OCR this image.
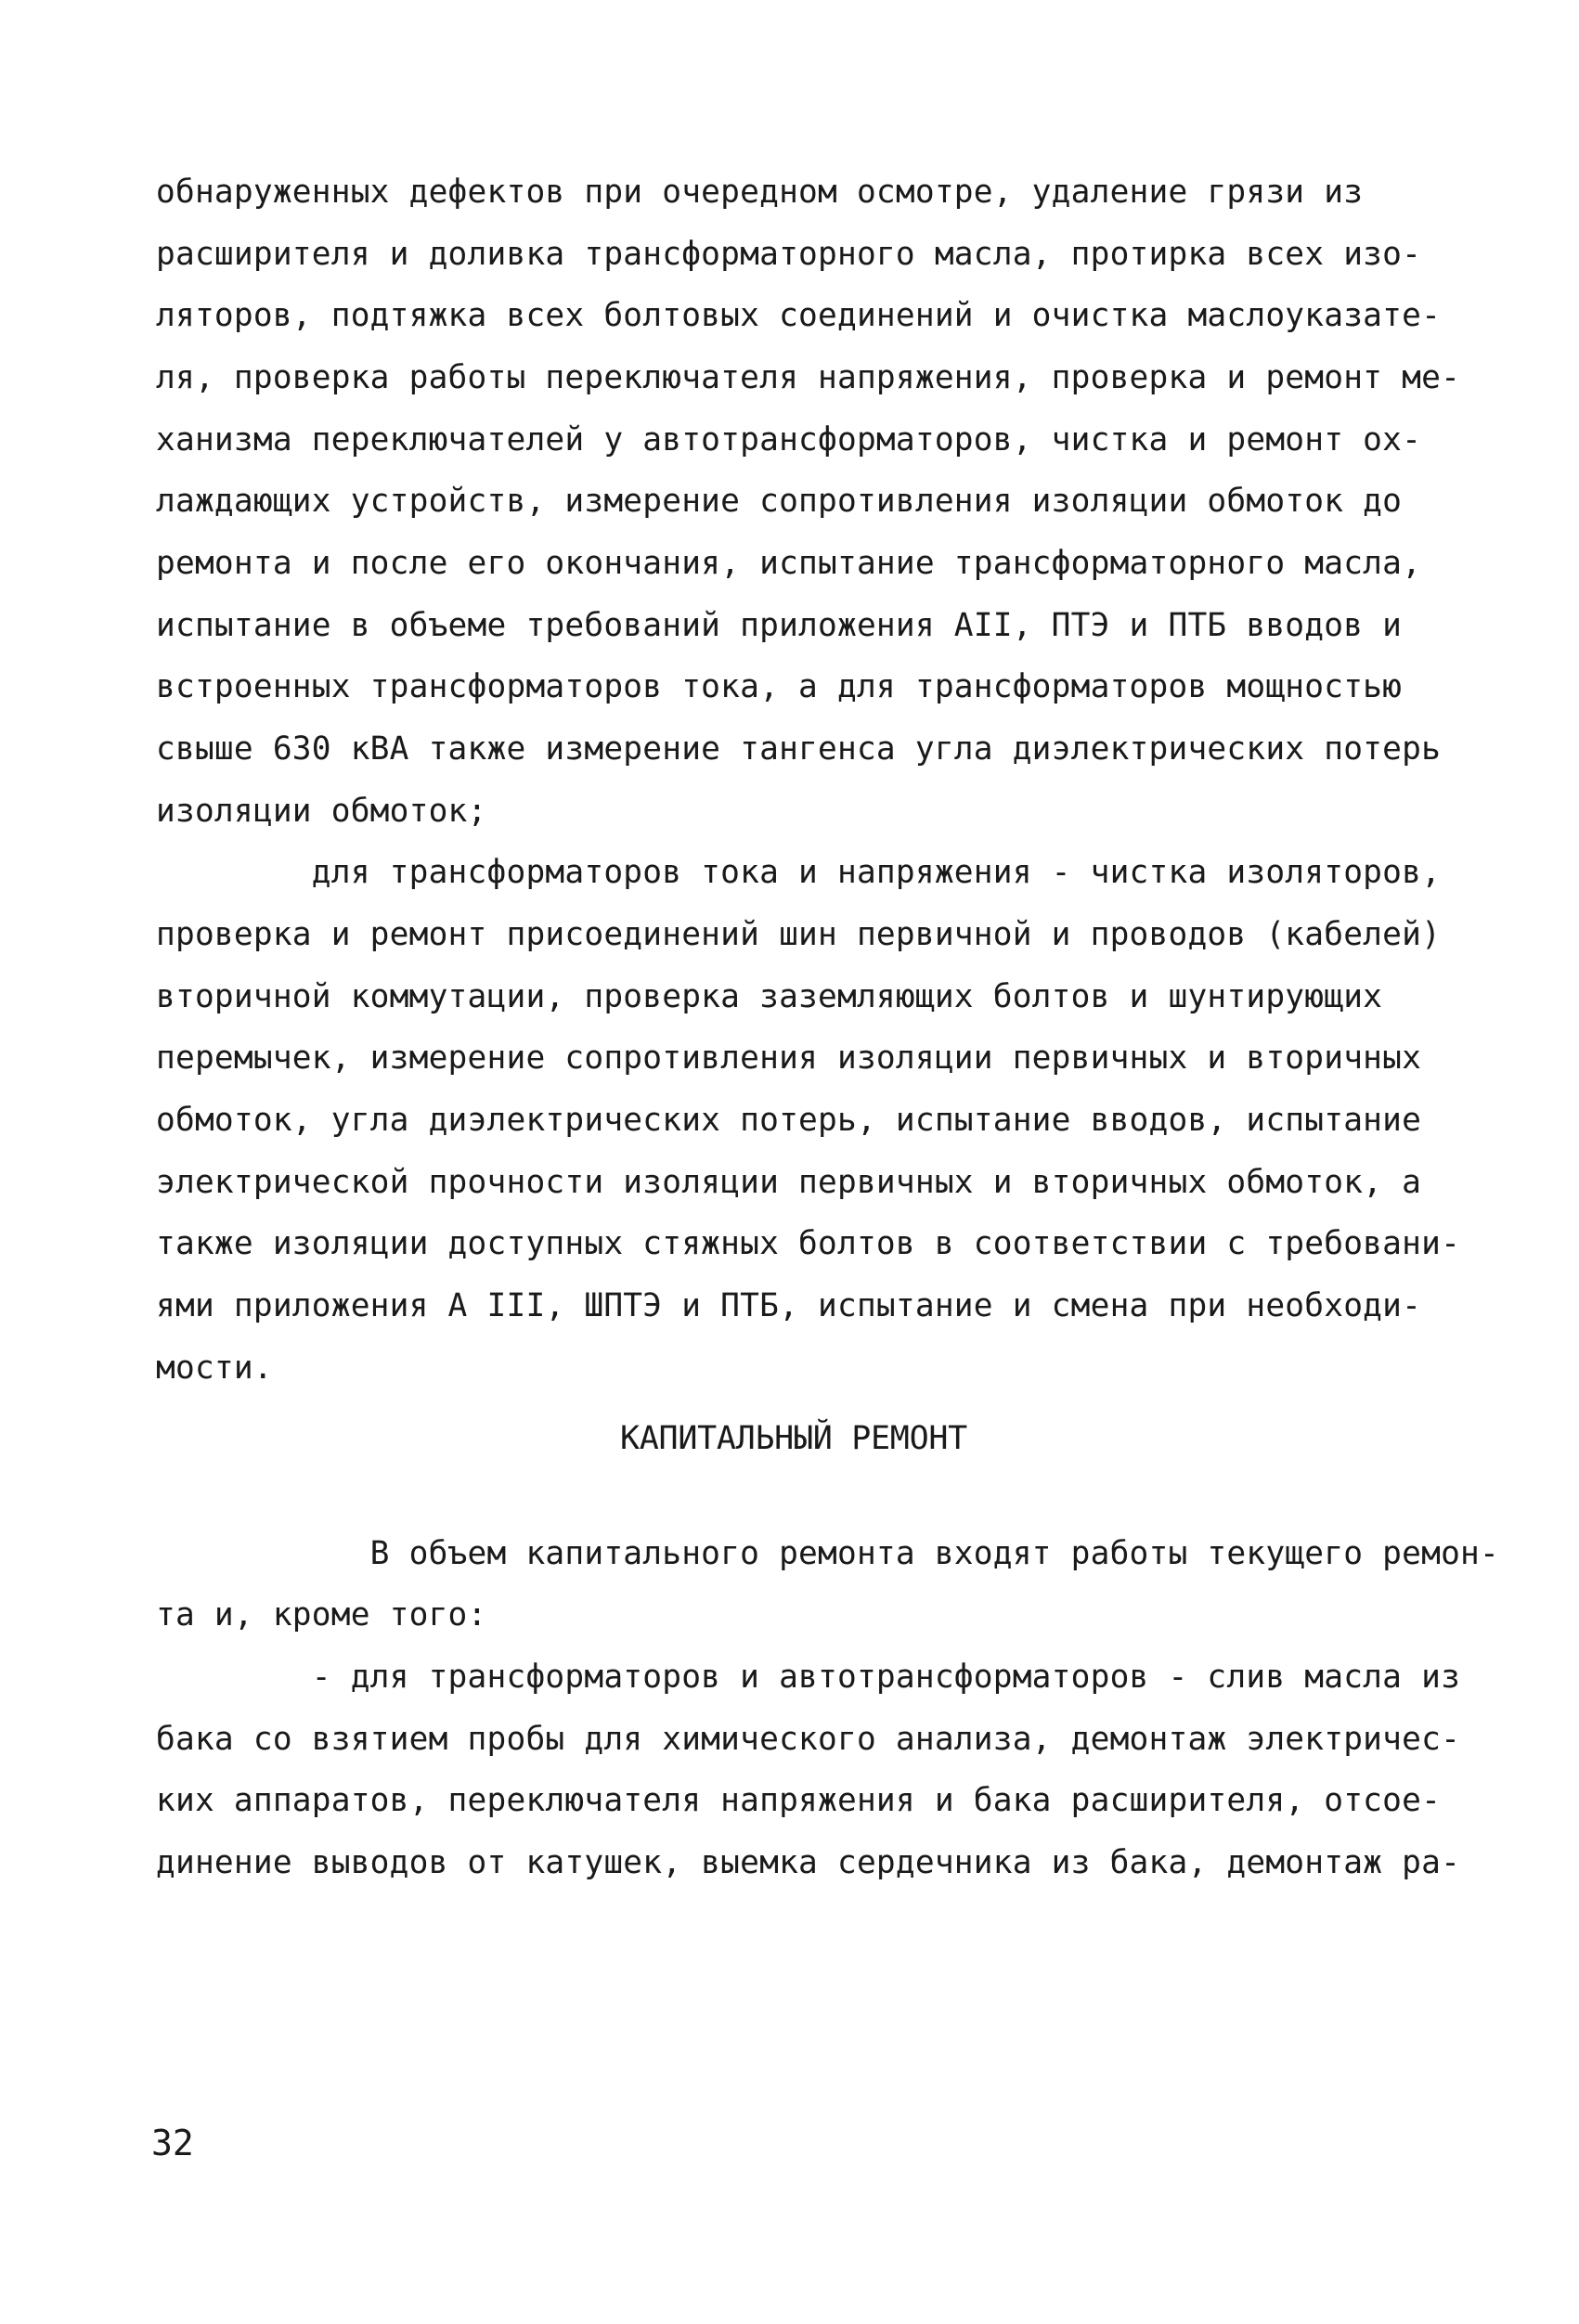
обнаруженных дефектов при очередном осмотре, удаление грязи из
расширителя и доливка трансформаторного масла, протирка всех изо-
ляторов, подтяжка всех болтовых соединений и очистка маслоуказате-
ля, проверка работы переключателя напряжения, проверка и ремонт ме-
ханизма переключателей у автотрансформаторов, чистка и ремонт ох-
лаждающих устройств, измерение сопротивления изоляции обмоток до
ремонта и после его окончания, испытание трансформаторного масла,
испытание в объеме требований приложения АII, ПТЭ и ПТБ вводов и
встроенных трансформаторов тока, а для трансформаторов мощностью
свыше 630 кВА также измерение тангенса угла диэлектрических потерь
изоляции обмоток;
для трансформаторов тока и напряжения - чистка изоляторов,
проверка и ремонт присоединений шин первичной и проводов (кабелей)
вторичной коммутации, проверка заземляющих болтов и шунтирующих
перемычек, измерение сопротивления изоляции первичных и вторичных
обмоток, угла диэлектрических потерь, испытание вводов, испытание
электрической прочности изоляции первичных и вторичных обмоток, а
также изоляции доступных стяжных болтов в соответствии с требовани-
ями приложения А III, ШПТЭ и ПТБ, испытание и смена при необходи-
мости.
КАПИТАЛЬНЫЙ РЕМОНТ
В объем капитального ремонта входят работы текущего ремон-
та и, кроме того:
- для трансформаторов и автотрансформаторов - слив масла из
бака со взятием пробы для химического анализа, демонтаж электричес-
ких аппаратов, переключателя напряжения и бака расширителя, отсое-
динение выводов от катушек, выемка сердечника из бака, демонтаж ра-
32
